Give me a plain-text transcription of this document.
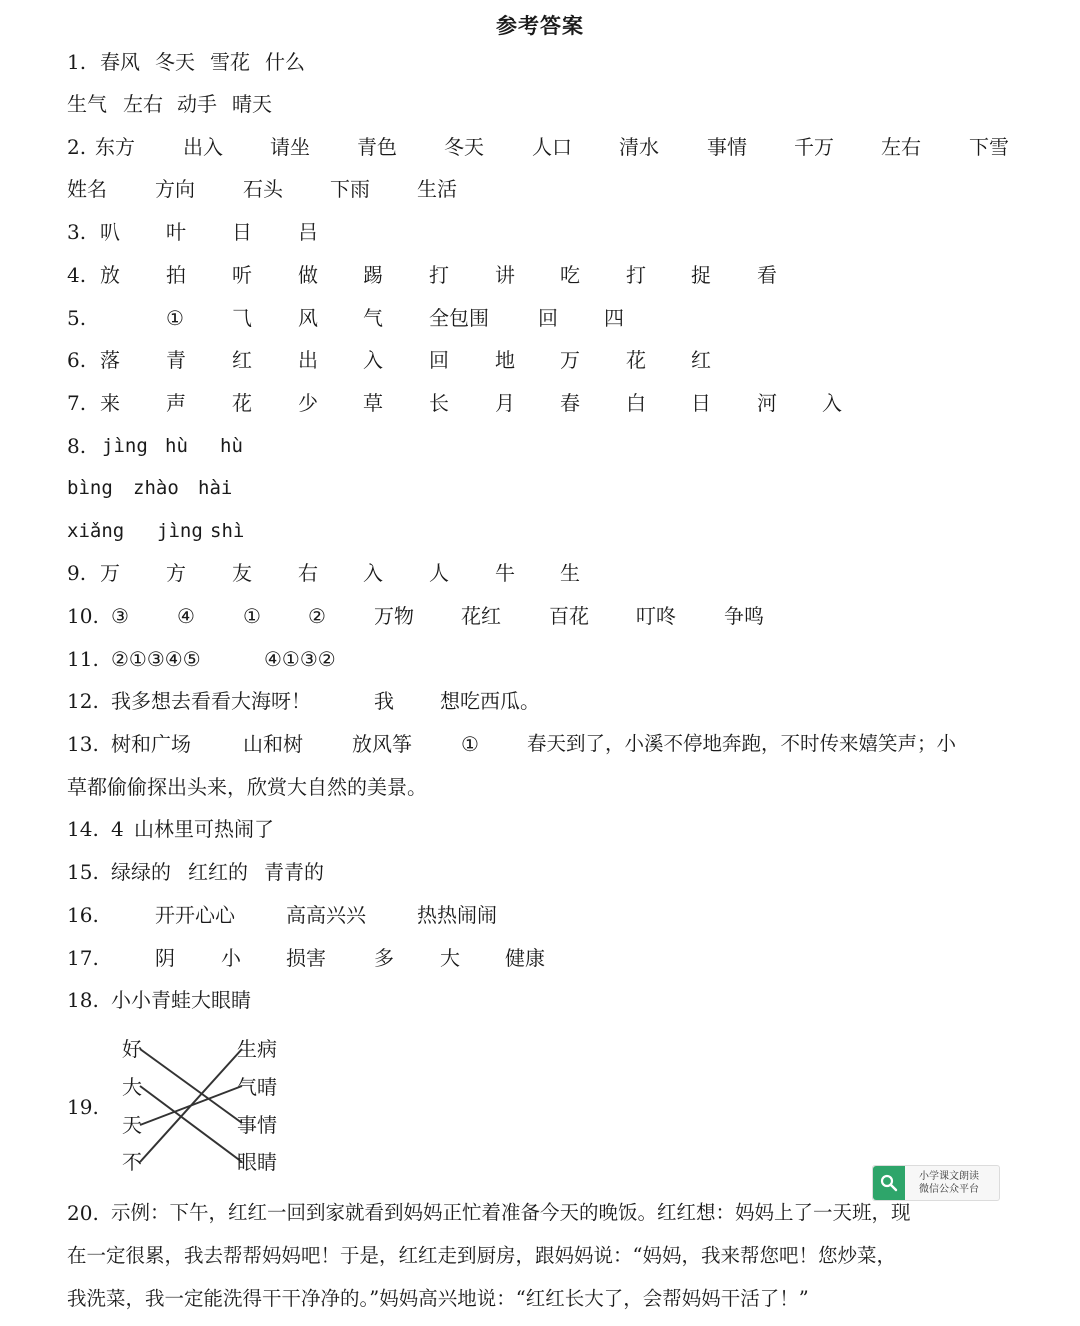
参考答案
1. 春风 冬天 雪花 什么
生气 左右 动手 晴天
2. 东方 出入 请坐 青色 冬天 人口 清水 事情 千万 左右 下雪
姓名 方向 石头 下雨 生活
3. 叭 叶 日 吕
4. 放 拍 听 做 踢 打 讲 吃 打 捉 看
5.	① ⺄ 风 气 全包围 回 四
6. 落 青 红 出 入 回 地 万 花 红
7. 来 声 花 少 草 长 月 春 白 日 河 入
8. jìng hù hù
bìng zhào hài
xiǎng jìng shì
9. 万 方 友 右 入 人 牛 生
10. ③ ④ ① ② 万物 花红 百花 叮咚 争鸣
11. ②①③④⑤	④①③②
12. 我多想去看看大海呀！	我 想吃西瓜。
13. 树和广场	山和树 放风筝 ① 春天到了，小溪不停地奔跑，不时传来嬉笑声；小
草都偷偷探出头来，欣赏大自然的美景。
14. 4 山林里可热闹了
15. 绿绿的 红红的 青青的
16.	开开心心	高高兴兴	热热闹闹
17.	阴 小 损害 多 大 健康
18. 小小青蛙大眼睛
19.
好
大
天
不
生病
气晴
事情
眼睛
小学课文朗读
微信公众平台
20. 示例：下午，红红一回到家就看到妈妈正忙着准备今天的晚饭。红红想：妈妈上了一天班，现
在一定很累，我去帮帮妈妈吧！于是，红红走到厨房，跟妈妈说：“妈妈，我来帮您吧！您炒菜，
我洗菜，我一定能洗得干干净净的。”妈妈高兴地说：“红红长大了，会帮妈妈干活了！”
